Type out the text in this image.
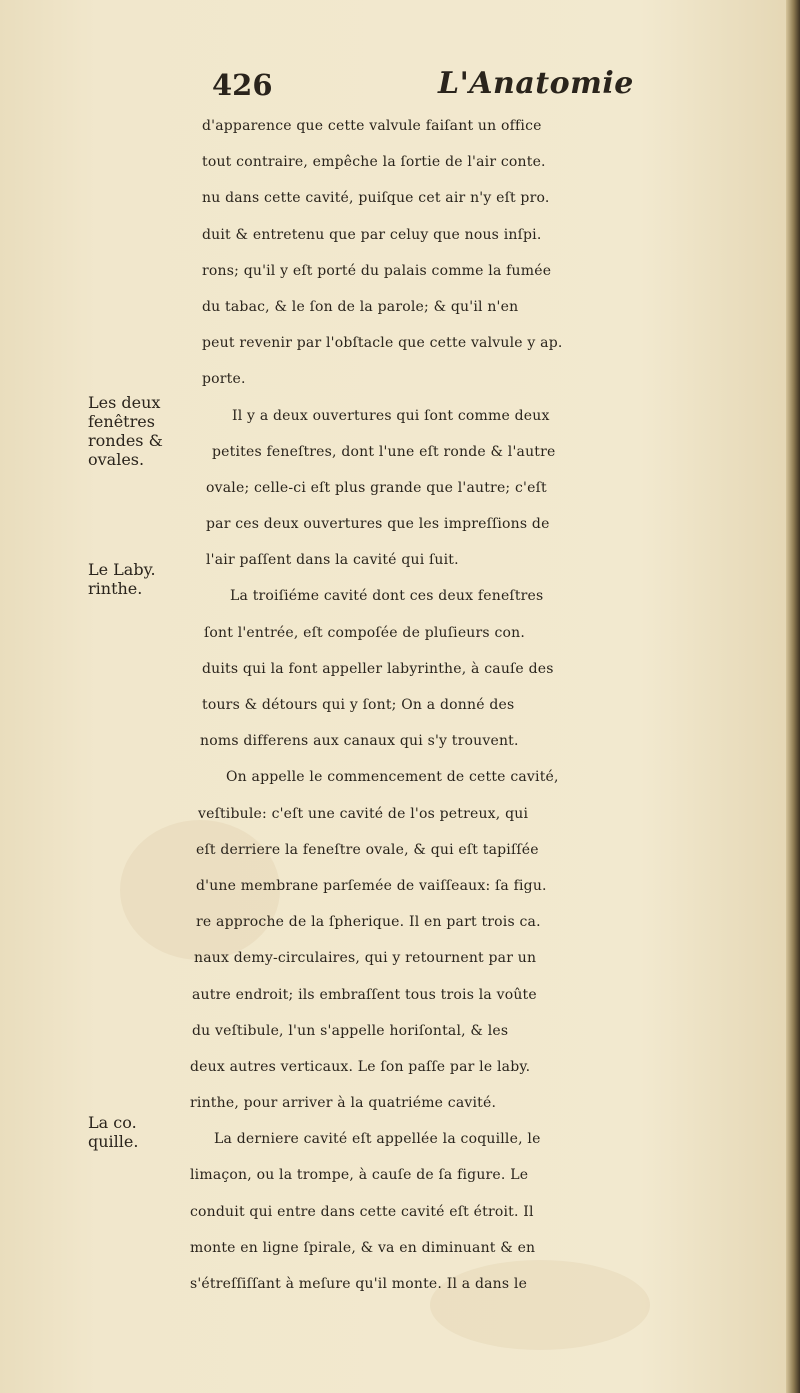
426	L'Anatomie
Les deux
fenêtres
rondes &
ovales.
Le Laby.
rinthe.
La co.
quille.
d'apparence que cette valvule faiſant un office
tout contraire, empêche la ſortie de l'air conte.
nu dans cette cavité, puiſque cet air n'y eſt pro.
duit & entretenu que par celuy que nous inſpi.
rons; qu'il y eſt porté du palais comme la fumée
du tabac, & le ſon de la parole; & qu'il n'en
peut revenir par l'obſtacle que cette valvule y ap.
porte.
Il y a deux ouvertures qui ſont comme deux
petites feneſtres, dont l'une eſt ronde & l'autre
ovale; celle-ci eſt plus grande que l'autre; c'eſt
par ces deux ouvertures que les impreſſions de
l'air paſſent dans la cavité qui ſuit.
La troiſiéme cavité dont ces deux feneſtres
ſont l'entrée, eſt compoſée de pluſieurs con.
duits qui la font appeller labyrinthe, à cauſe des
tours & détours qui y ſont; On a donné des
noms differens aux canaux qui s'y trouvent.
On appelle le commencement de cette cavité,
veſtibule: c'eſt une cavité de l'os petreux, qui
eſt derriere la feneſtre ovale, & qui eſt tapiſſée
d'une membrane parſemée de vaiſſeaux: ſa figu.
re approche de la ſpherique. Il en part trois ca.
naux demy-circulaires, qui y retournent par un
autre endroit; ils embraſſent tous trois la voûte
du veſtibule, l'un s'appelle horiſontal, & les
deux autres verticaux. Le ſon paſſe par le laby.
rinthe, pour arriver à la quatriéme cavité.
La derniere cavité eſt appellée la coquille, le
limaçon, ou la trompe, à cauſe de ſa figure. Le
conduit qui entre dans cette cavité eſt étroit. Il
monte en ligne ſpirale, & va en diminuant & en
s'étreſſiſſant à meſure qu'il monte. Il a dans le
